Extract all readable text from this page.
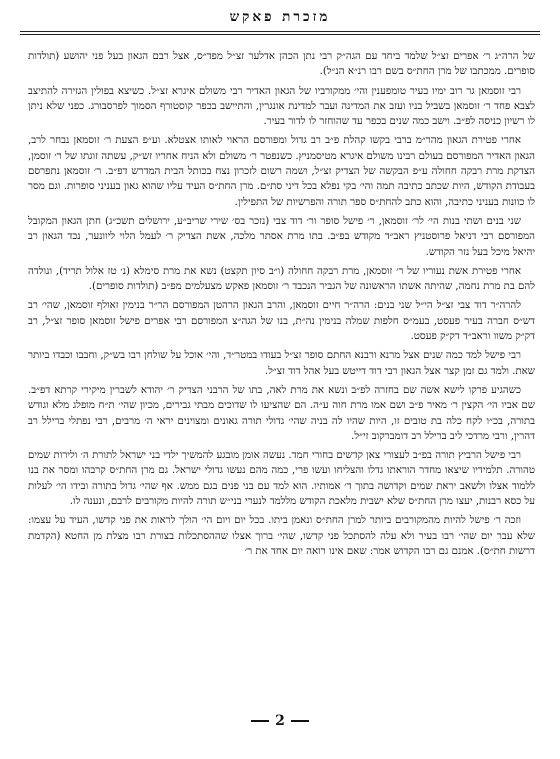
מזכרת פאקש

של הרה״ג ר׳ אפרים זצ״ל שלמד ביחד עם הגה״ק רבי נתן הכהן אדלער זצ״ל מפד״ס, אצל רבם הגאון בעל פני יהושע (תולדות סופרים. ממכתבו של מרן החת״ס בשם רבו רנ״א הנ״ל).

רבי זוסמאן גר רוב ימיו בעיר טומפענין והי׳ ממקורביו של הגאון האדיר רבי משולם איגרא זצ״ל. כשיצא בפולין הגזירה להתיצב לצבא פחד ר׳ זוסמאן בשביל בניו ועזב את המדינה ועבר למדינת אונגרין, והתיישב בכפר קוסטורף הסמוך לפרסבורג. כפני שלא ניתן לו רשיון כניסה לפ״ב. וישב כמה שנים בכפר עד שהוחזר לו לדור בעיר.

אחרי פטירת הגאון מהר״מ ברבי בקשו קהלת פ״ב רב גדול ומפורסם הראוי לאותו אצטלא. וע״פ הצעת ר׳ זוסמאן נבחר לרב, הגאון האדיר המפורסם בעולם רבינו משולם איגרא מטיסמניץ. כשנפטר ר׳ משולם ולא הניח אחריו זש״ק, עשתה זוגתו של ר׳ זוסמן, הצדקת מרת רבקה חחולה ע״פ הבקשה של הצדיק זצ״ל, ושמה רשום לזכרון נצח בכותל הבית המדרש דפ״ב. ר׳ זוסמאן נתפרסם בעבודת הקודש, היות שכתב כתיבה תמה והי׳ בקי נפלא בכל דיני סת״ם. מרן החת״ס העיד עליו שהוא גאון בעניני סופרות. וגם מסר לו כוונות בעניני כתיבה, והוא כתב להחת״ס ספר תורה והפרשיות של התפילין.

שני בנים ושתי בנות הי׳ לר׳ זוסמאן, ר׳ פישל סופר ור׳ דוד צבי (נזכר בס׳ שירי שריב״ע, ירושלים תשכ״ג) חתן הגאון המקובל המפורסם רבי דניאל פרוסטניץ ראב״ד מקודש בפ״ב. בתו מרת אסתר מלכה, אשת הצדיק ר׳ לעמל הלוי ליוונער, נכד הגאון רב יהיאל מיכל בעל נזר הקודש.

אחרי פטירת אשת נעוריו של ר׳ זוסמאן, מרת רבקה חחולה (ו״ב סיון תקצט) נשא את מרת סימלא (נ׳ טז אלול תריד), ונולדה להם בת מרת נחמה, שהיתה אשתו הראשונה של הגביר הנכבד ר׳ זוסמאן פאקש מצעלמים מפ״ב (תולדות סופרים).

להרה״ר דוד צבי זצ״ל הי״ל שני בנים: הרה״ר חיים זוסמאן, והרב הגאון הרהטן המפורסם הר״ר בנימין זאולף זוסמאן, שהי׳ רב דש״ס חברה בעיר פעסט, בעמ״ס חלפות שמלה בנימין נה״ת, בנו של הגה״צ המפורסם רבי אפרים פישל זוסמאן סופר זצ״ל, רב דק״ק משוו וראב״ד דק״ק פעסט.

רבי פישל למד כמה שנים אצל מרנא ורבנא החתם סופר זצ״ל בעודו במטר״ד, והי׳ אוכל על שולחן רבו בש״ק, וחבבו וכבדו ביותר שאת. ולמד גם זמן קצר אצל הגאון רבי דוד דייטש בעל אהל דוד זצ״ל.

כשהגיע פרקו לישא אשה שם בחזרה לפ״ב ונשא את מרת לאה, בתו של הרבני הצדיק ר׳ יהודא לשברין מיקירי קרתא דפ״ב. שם אביו הי׳ הקצין ר׳ מאיר פ״ב ושם אמו מרת חוה ע״ה. הם שהציעו לו שדוכים מבתי גבירים, מכיון שהי׳ ת״ח מופלג מלא וגודש בתורה, בכ״ו לקח כלה בת טובים זו, היות שהיו לה בניה שהי׳ גדולי תורה גאונים ומצוינים יראי ה׳ מרבים, רבי נפתלי ברילל רב דהרין, ורבי מרדכי ליב ברילל רב דומברקוב זי״ל.

רבי פישל הרביץ תורה בפ״ב לעצורי צאן קדשים בחורי חמד. נעשה אומן מובגע להמשיך ילדי בני ישראל לתורת ה׳ ולירות שמים טהורה. תלמידיו שיצאו מחדר הוראתו גדלו והצליחו ועשו פרי, כמה מהם נעשו גדולי ישראל. גם מרן החת״ס קרבהו ומסר את בנו ללמוד אצלו ולשאב יראת שמים וקדושה בתוך ד׳ אמותיו. הוא למד עם בני פנים בגם ממש. אף שהי׳ גדול בתורה ובידו הי׳ לעלות על כסא רבנות, יעצו מרן החת״ס שלא ישבית מלאכת הקודש מללמד לנערי בני״ש תורה להיות מקורבים לרבם, ונענה לו.

וזכה ר׳ פישל להיות מהמקורבים ביותר למרן החת״ס ונאמן ביתו. בכל יום ויום הי׳ הולך לראות את פני קדשו, העיד על עצמו: שלא עבר יום שהי׳ רבו בעיר ולא עלה להסתכל פני קדשו, שהי׳ ברוך אצלו שההסתכלות בצורת רבו מצלת מן החטא (הקדמת דרשות חת״ס). אמנם גם רבו הקדוש אמר: שאם אינו רואה יום אחד את ר׳

2
